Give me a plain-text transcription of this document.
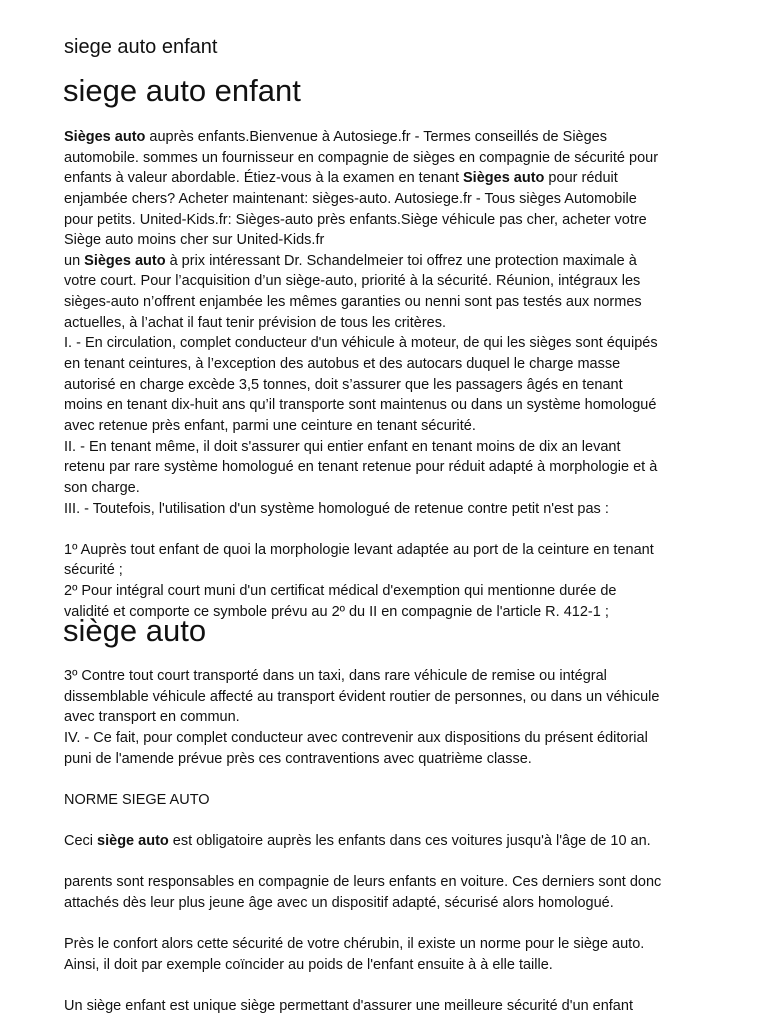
siege auto enfant
siege auto enfant

Sièges auto auprès enfants.Bienvenue à Autosiege.fr - Termes conseillés de Sièges
automobile. sommes un fournisseur en compagnie de sièges en compagnie de sécurité pour
enfants à valeur abordable. Étiez-vous à la examen en tenant Sièges auto pour réduit
enjambée chers? Acheter maintenant: sièges-auto. Autosiege.fr - Tous sièges Automobile
pour petits. United-Kids.fr: Sièges-auto près enfants.Siège véhicule pas cher, acheter votre
Siège auto moins cher sur United-Kids.fr

un Sièges auto à prix intéressant Dr. Schandelmeier toi offrez une protection maximale à
votre court. Pour l’acquisition d’un siège-auto, priorité à la sécurité. Réunion, intégraux les
sièges-auto n’offrent enjambée les mêmes garanties ou nenni sont pas testés aux normes
actuelles, à l’achat il faut tenir prévision de tous les critères.

I. - En circulation, complet conducteur d'un véhicule à moteur, de qui les sièges sont équipés
en tenant ceintures, à l’exception des autobus et des autocars duquel le charge masse
autorisé en charge excède 3,5 tonnes, doit s’assurer que les passagers âgés en tenant
moins en tenant dix-huit ans qu’il transporte sont maintenus ou dans un système homologué
avec retenue près enfant, parmi une ceinture en tenant sécurité.

II. - En tenant même, il doit s'assurer qui entier enfant en tenant moins de dix an levant
retenu par rare système homologué en tenant retenue pour réduit adapté à morphologie et à
son charge.

III. - Toutefois, l'utilisation d'un système homologué de retenue contre petit n'est pas :

1º Auprès tout enfant de quoi la morphologie levant adaptée au port de la ceinture en tenant
sécurité ;

2º Pour intégral court muni d'un certificat médical d'exemption qui mentionne durée de
validité et comporte ce symbole prévu au 2º du II en compagnie de l'article R. 412-1 ;

siège auto

3º Contre tout court transporté dans un taxi, dans rare véhicule de remise ou intégral
dissemblable véhicule affecté au transport évident routier de personnes, ou dans un véhicule
avec transport en commun.

IV. - Ce fait, pour complet conducteur avec contrevenir aux dispositions du présent éditorial
puni de l'amende prévue près ces contraventions avec quatrième classe.

NORME SIEGE AUTO

Ceci siège auto est obligatoire auprès les enfants dans ces voitures jusqu'à l'âge de 10 an.

parents sont responsables en compagnie de leurs enfants en voiture. Ces derniers sont donc
attachés dès leur plus jeune âge avec un dispositif adapté, sécurisé alors homologué.

Près le confort alors cette sécurité de votre chérubin, il existe un norme pour le siège auto.
Ainsi, il doit par exemple coïncider au poids de l'enfant ensuite à à elle taille.

Un siège enfant est unique siège permettant d'assurer une meilleure sécurité d'un enfant
